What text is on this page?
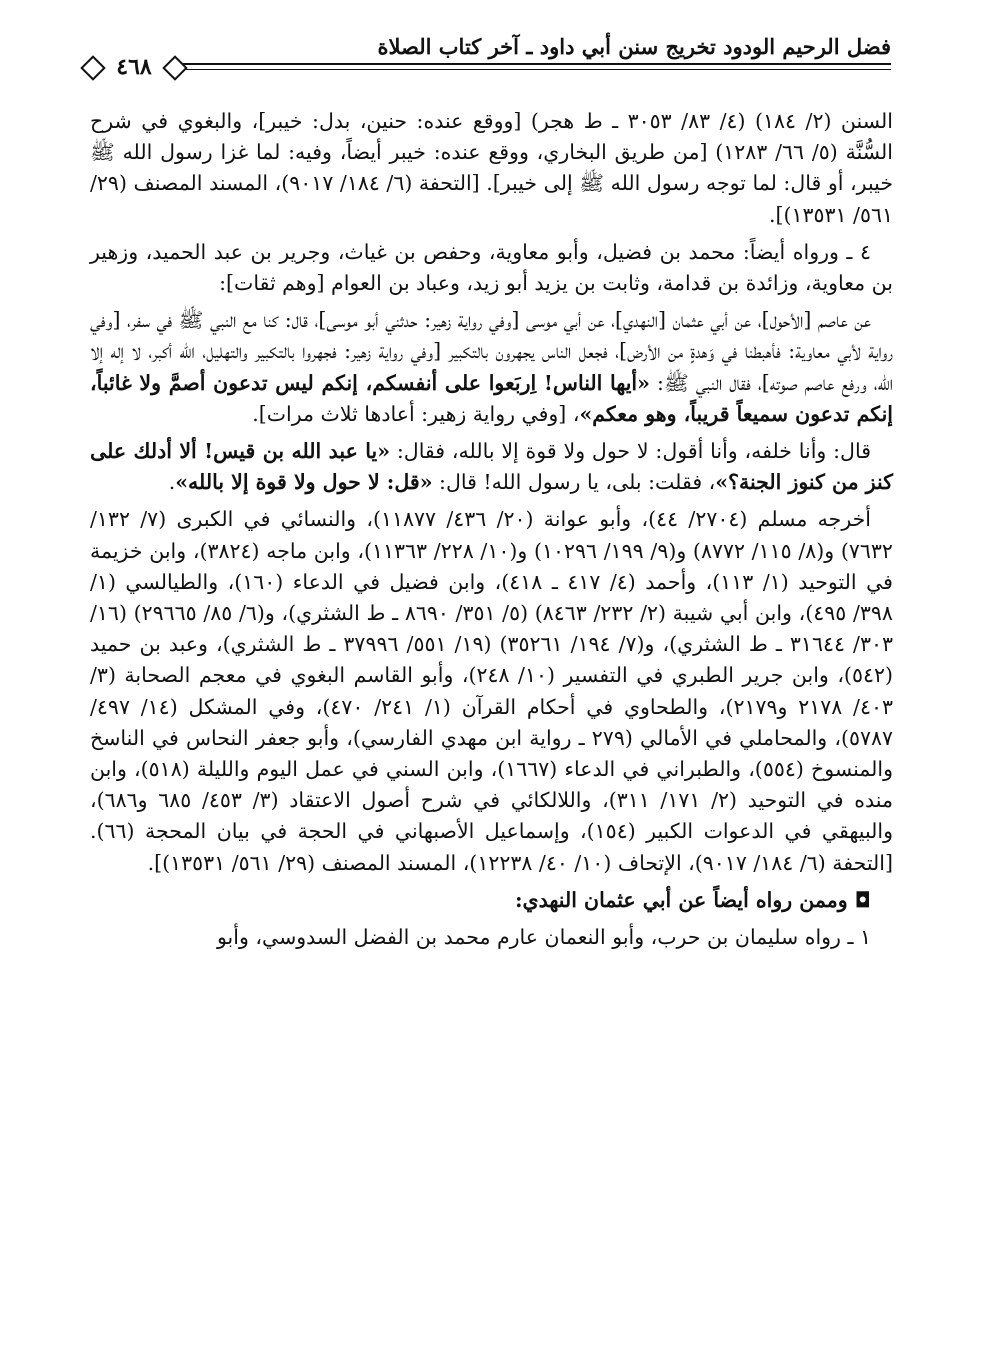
فضل الرحيم الودود تخريج سنن أبي داود ـ آخر كتاب الصلاة
٤٦٨

السنن (٢/ ١٨٤) (٤/ ٨٣/ ٣٠٥٣ ـ ط هجر) [ووقع عنده: حنين، بدل: خيبر]، والبغوي في شرح السُّنَّة (٥/ ٦٦/ ١٢٨٣) [من طريق البخاري، ووقع عنده: خيبر أيضاً، وفيه: لما غزا رسول الله ﷺ خيبر، أو قال: لما توجه رسول الله ﷺ إلى خيبر]. [التحفة (٦/ ١٨٤/ ٩٠١٧)، المسند المصنف (٢٩/ ٥٦١/ ١٣٥٣١)].

٤ ـ ورواه أيضاً: محمد بن فضيل، وأبو معاوية، وحفص بن غياث، وجرير بن عبد الحميد، وزهير بن معاوية، وزائدة بن قدامة، وثابت بن يزيد أبو زيد، وعباد بن العوام [وهم ثقات]:

عن عاصم [الأحول]، عن أبي عثمان [النهدي]، عن أبي موسى [وفي رواية زهير: حدثني أبو موسى]، قال: كنا مع النبي ﷺ في سفر، [وفي رواية لأبي معاوية: فأهبطنا في وَهدةٍ من الأرض]، فجعل الناس يجهرون بالتكبير [وفي رواية زهير: فجهروا بالتكبير والتهليل، الله أكبر، لا إله إلا الله، ورفع عاصم صوته]، فقال النبي ﷺ: «أيها الناس! اِربَعوا على أنفسكم، إنكم ليس تدعون أصمَّ ولا غائباً، إنكم تدعون سميعاً قريباً، وهو معكم»، [وفي رواية زهير: أعادها ثلاث مرات].

قال: وأنا خلفه، وأنا أقول: لا حول ولا قوة إلا بالله، فقال: «يا عبد الله بن قيس! ألا أدلك على كنز من كنوز الجنة؟»، فقلت: بلى، يا رسول الله! قال: «قل: لا حول ولا قوة إلا بالله».

أخرجه مسلم (٢٧٠٤/ ٤٤)، وأبو عوانة (٢٠/ ٤٣٦/ ١١٨٧٧)، والنسائي في الكبرى (٧/ ١٣٢/ ٧٦٣٢) و(٨/ ١١٥/ ٨٧٧٢) و(٩/ ١٩٩/ ١٠٢٩٦) و(١٠/ ٢٢٨/ ١١٣٦٣)، وابن ماجه (٣٨٢٤)، وابن خزيمة في التوحيد (١/ ١١٣)، وأحمد (٤/ ٤١٧ ـ ٤١٨)، وابن فضيل في الدعاء (١٦٠)، والطيالسي (١/ ٣٩٨/ ٤٩٥)، وابن أبي شيبة (٢/ ٢٣٢/ ٨٤٦٣) (٥/ ٣٥١/ ٨٦٩٠ ـ ط الشثري)، و(٦/ ٨٥/ ٢٩٦٦٥) (١٦/ ٣٠٣/ ٣١٦٤٤ ـ ط الشثري)، و(٧/ ١٩٤/ ٣٥٢٦١) (١٩/ ٥٥١/ ٣٧٩٩٦ ـ ط الشثري)، وعبد بن حميد (٥٤٢)، وابن جرير الطبري في التفسير (١٠/ ٢٤٨)، وأبو القاسم البغوي في معجم الصحابة (٣/ ٤٠٣/ ٢١٧٨ و٢١٧٩)، والطحاوي في أحكام القرآن (١/ ٢٤١/ ٤٧٠)، وفي المشكل (١٤/ ٤٩٧/ ٥٧٨٧)، والمحاملي في الأمالي (٢٧٩ ـ رواية ابن مهدي الفارسي)، وأبو جعفر النحاس في الناسخ والمنسوخ (٥٥٤)، والطبراني في الدعاء (١٦٦٧)، وابن السني في عمل اليوم والليلة (٥١٨)، وابن منده في التوحيد (٢/ ١٧١/ ٣١١)، واللالكائي في شرح أصول الاعتقاد (٣/ ٤٥٣/ ٦٨٥ و٦٨٦)، والبيهقي في الدعوات الكبير (١٥٤)، وإسماعيل الأصبهاني في الحجة في بيان المحجة (٦٦). [التحفة (٦/ ١٨٤/ ٩٠١٧)، الإتحاف (١٠/ ٤٠/ ١٢٢٣٨)، المسند المصنف (٢٩/ ٥٦١/ ١٣٥٣١)].

◘ وممن رواه أيضاً عن أبي عثمان النهدي:

١ ـ رواه سليمان بن حرب، وأبو النعمان عارم محمد بن الفضل السدوسي، وأبو
